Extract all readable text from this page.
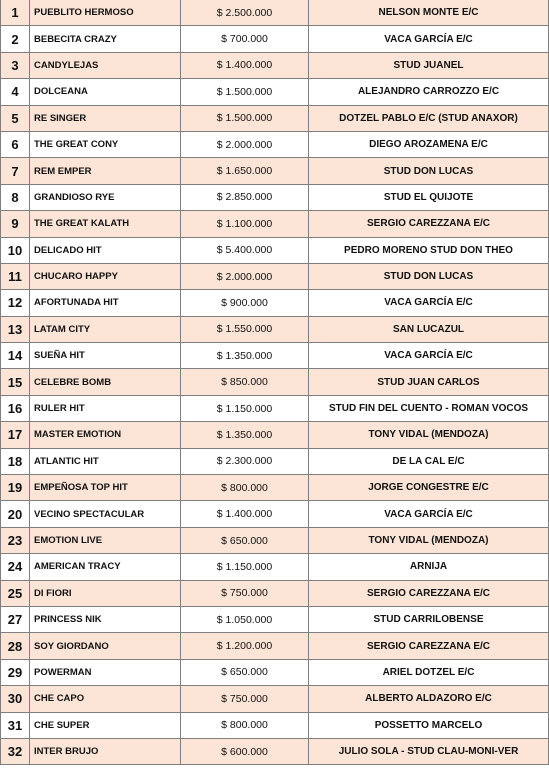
1	PUEBLITO HERMOSO	$ 2.500.000	NELSON MONTE E/C
2	BEBECITA CRAZY	$ 700.000	VACA GARCÍA E/C
3	CANDYLEJAS	$ 1.400.000	STUD JUANEL
4	DOLCEANA	$ 1.500.000	ALEJANDRO CARROZZO E/C
5	RE SINGER	$ 1.500.000	DOTZEL PABLO E/C (STUD ANAXOR)
6	THE GREAT CONY	$ 2.000.000	DIEGO AROZAMENA E/C
7	REM EMPER	$ 1.650.000	STUD DON LUCAS
8	GRANDIOSO RYE	$ 2.850.000	STUD EL QUIJOTE
9	THE GREAT KALATH	$ 1.100.000	SERGIO CAREZZANA E/C
10	DELICADO HIT	$ 5.400.000	PEDRO MORENO STUD DON THEO
11	CHUCARO HAPPY	$ 2.000.000	STUD DON LUCAS
12	AFORTUNADA HIT	$ 900.000	VACA GARCÍA E/C
13	LATAM CITY	$ 1.550.000	SAN LUCAZUL
14	SUEÑA HIT	$ 1.350.000	VACA GARCÍA E/C
15	CELEBRE BOMB	$ 850.000	STUD JUAN CARLOS
16	RULER HIT	$ 1.150.000	STUD FIN DEL CUENTO - ROMAN VOCOS
17	MASTER EMOTION	$ 1.350.000	TONY VIDAL (MENDOZA)
18	ATLANTIC HIT	$ 2.300.000	DE LA CAL E/C
19	EMPEÑOSA TOP HIT	$ 800.000	JORGE CONGESTRE E/C
20	VECINO SPECTACULAR	$ 1.400.000	VACA GARCÍA E/C
23	EMOTION LIVE	$ 650.000	TONY VIDAL (MENDOZA)
24	AMERICAN TRACY	$ 1.150.000	ARNIJA
25	DI FIORI	$ 750.000	SERGIO CAREZZANA E/C
27	PRINCESS NIK	$ 1.050.000	STUD CARRILOBENSE
28	SOY GIORDANO	$ 1.200.000	SERGIO CAREZZANA E/C
29	POWERMAN	$ 650.000	ARIEL DOTZEL E/C
30	CHE CAPO	$ 750.000	ALBERTO ALDAZORO E/C
31	CHE SUPER	$ 800.000	POSSETTO MARCELO
32	INTER BRUJO	$ 600.000	JULIO SOLA - STUD CLAU-MONI-VER
